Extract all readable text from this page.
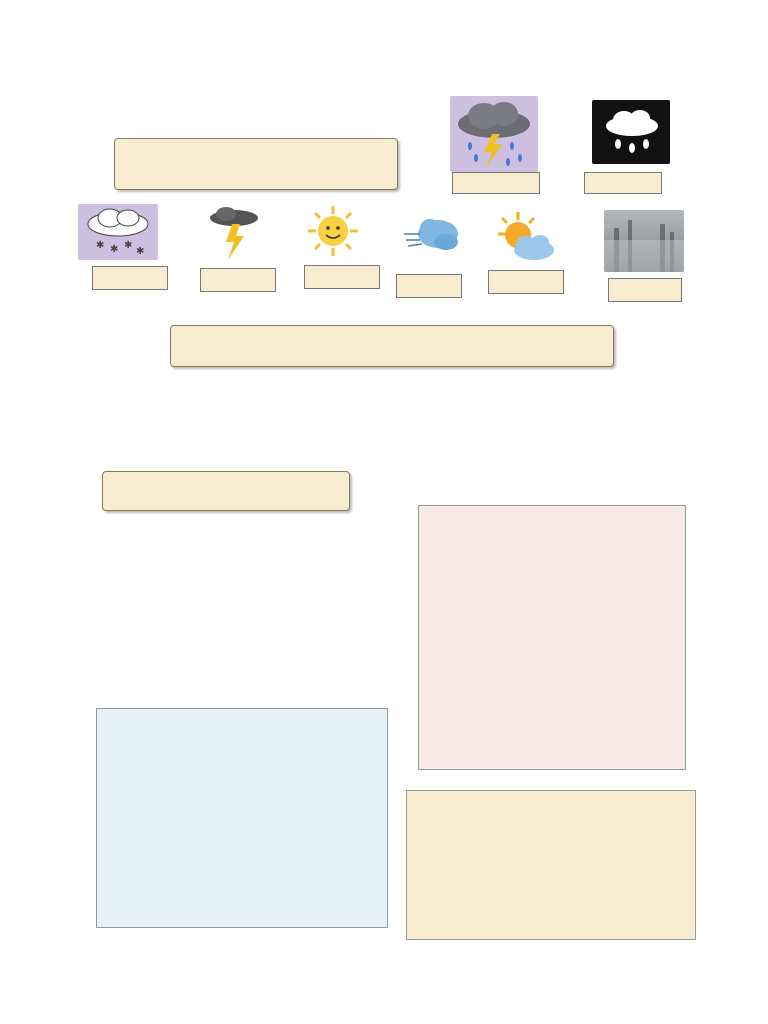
✱ ✱ ✱
✱
